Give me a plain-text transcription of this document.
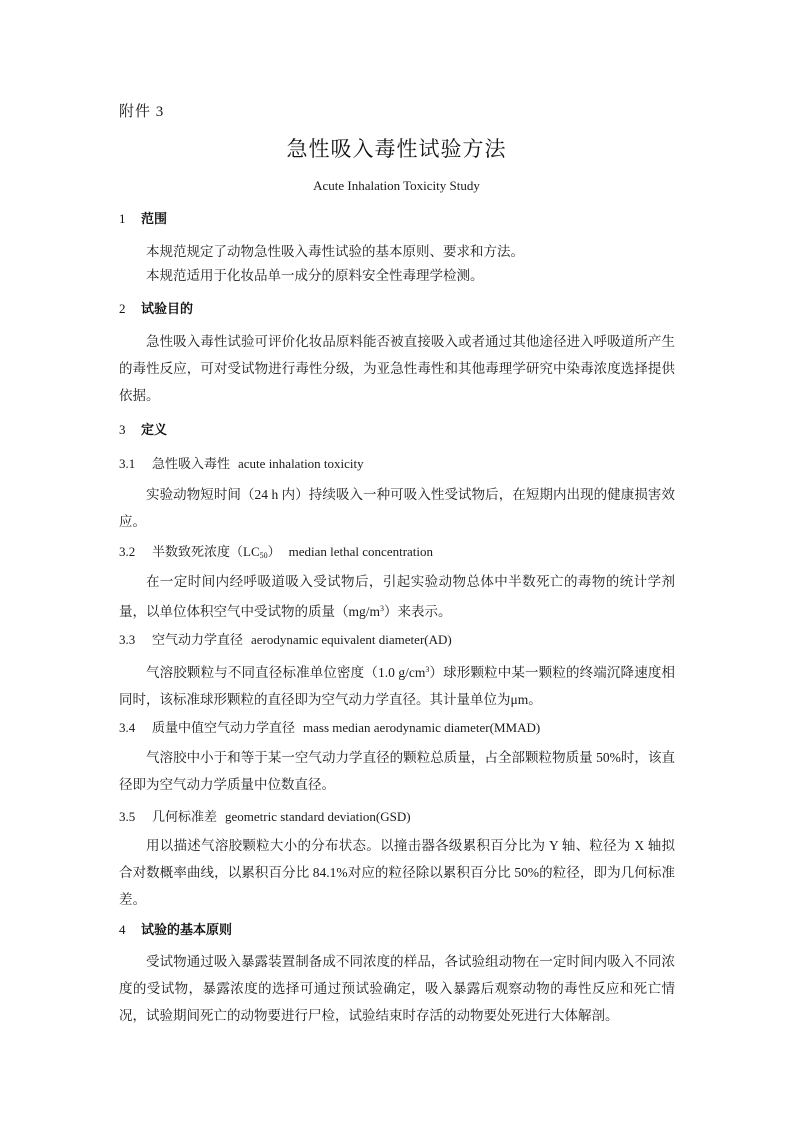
附件 3
急性吸入毒性试验方法
Acute Inhalation Toxicity Study
1 范围
本规范规定了动物急性吸入毒性试验的基本原则、要求和方法。
本规范适用于化妆品单一成分的原料安全性毒理学检测。
2 试验目的
急性吸入毒性试验可评价化妆品原料能否被直接吸入或者通过其他途径进入呼吸道所产生的毒性反应，可对受试物进行毒性分级，为亚急性毒性和其他毒理学研究中染毒浓度选择提供依据。
3 定义
3.1 急性吸入毒性 acute inhalation toxicity
实验动物短时间（24 h 内）持续吸入一种可吸入性受试物后，在短期内出现的健康损害效应。
3.2 半数致死浓度$(LC_{50})$ median lethal concentration
在一定时间内经呼吸道吸入受试物后，引起实验动物总体中半数死亡的毒物的统计学剂量，以单位体积空气中受试物的质量$(mg/m^3)$来表示。
3.3 空气动力学直径 aerodynamic equivalent diameter(AD)
气溶胶颗粒与不同直径标准单位密度（1.0 $g/cm^3$）球形颗粒中某一颗粒的终端沉降速度相同时，该标准球形颗粒的直径即为空气动力学直径。其计量单位为μm。
3.4 质量中值空气动力学直径 mass median aerodynamic diameter(MMAD)
气溶胶中小于和等于某一空气动力学直径的颗粒总质量，占全部颗粒物质量 50%时，该直径即为空气动力学质量中位数直径。
3.5 几何标准差 geometric standard deviation(GSD)
用以描述气溶胶颗粒大小的分布状态。以撞击器各级累积百分比为 Y 轴、粒径为 X 轴拟合对数概率曲线，以累积百分比 84.1%对应的粒径除以累积百分比 50%的粒径，即为几何标准差。
4 试验的基本原则
受试物通过吸入暴露装置制备成不同浓度的样品，各试验组动物在一定时间内吸入不同浓度的受试物，暴露浓度的选择可通过预试验确定，吸入暴露后观察动物的毒性反应和死亡情况，试验期间死亡的动物要进行尸检，试验结束时存活的动物要处死进行大体解剖。
